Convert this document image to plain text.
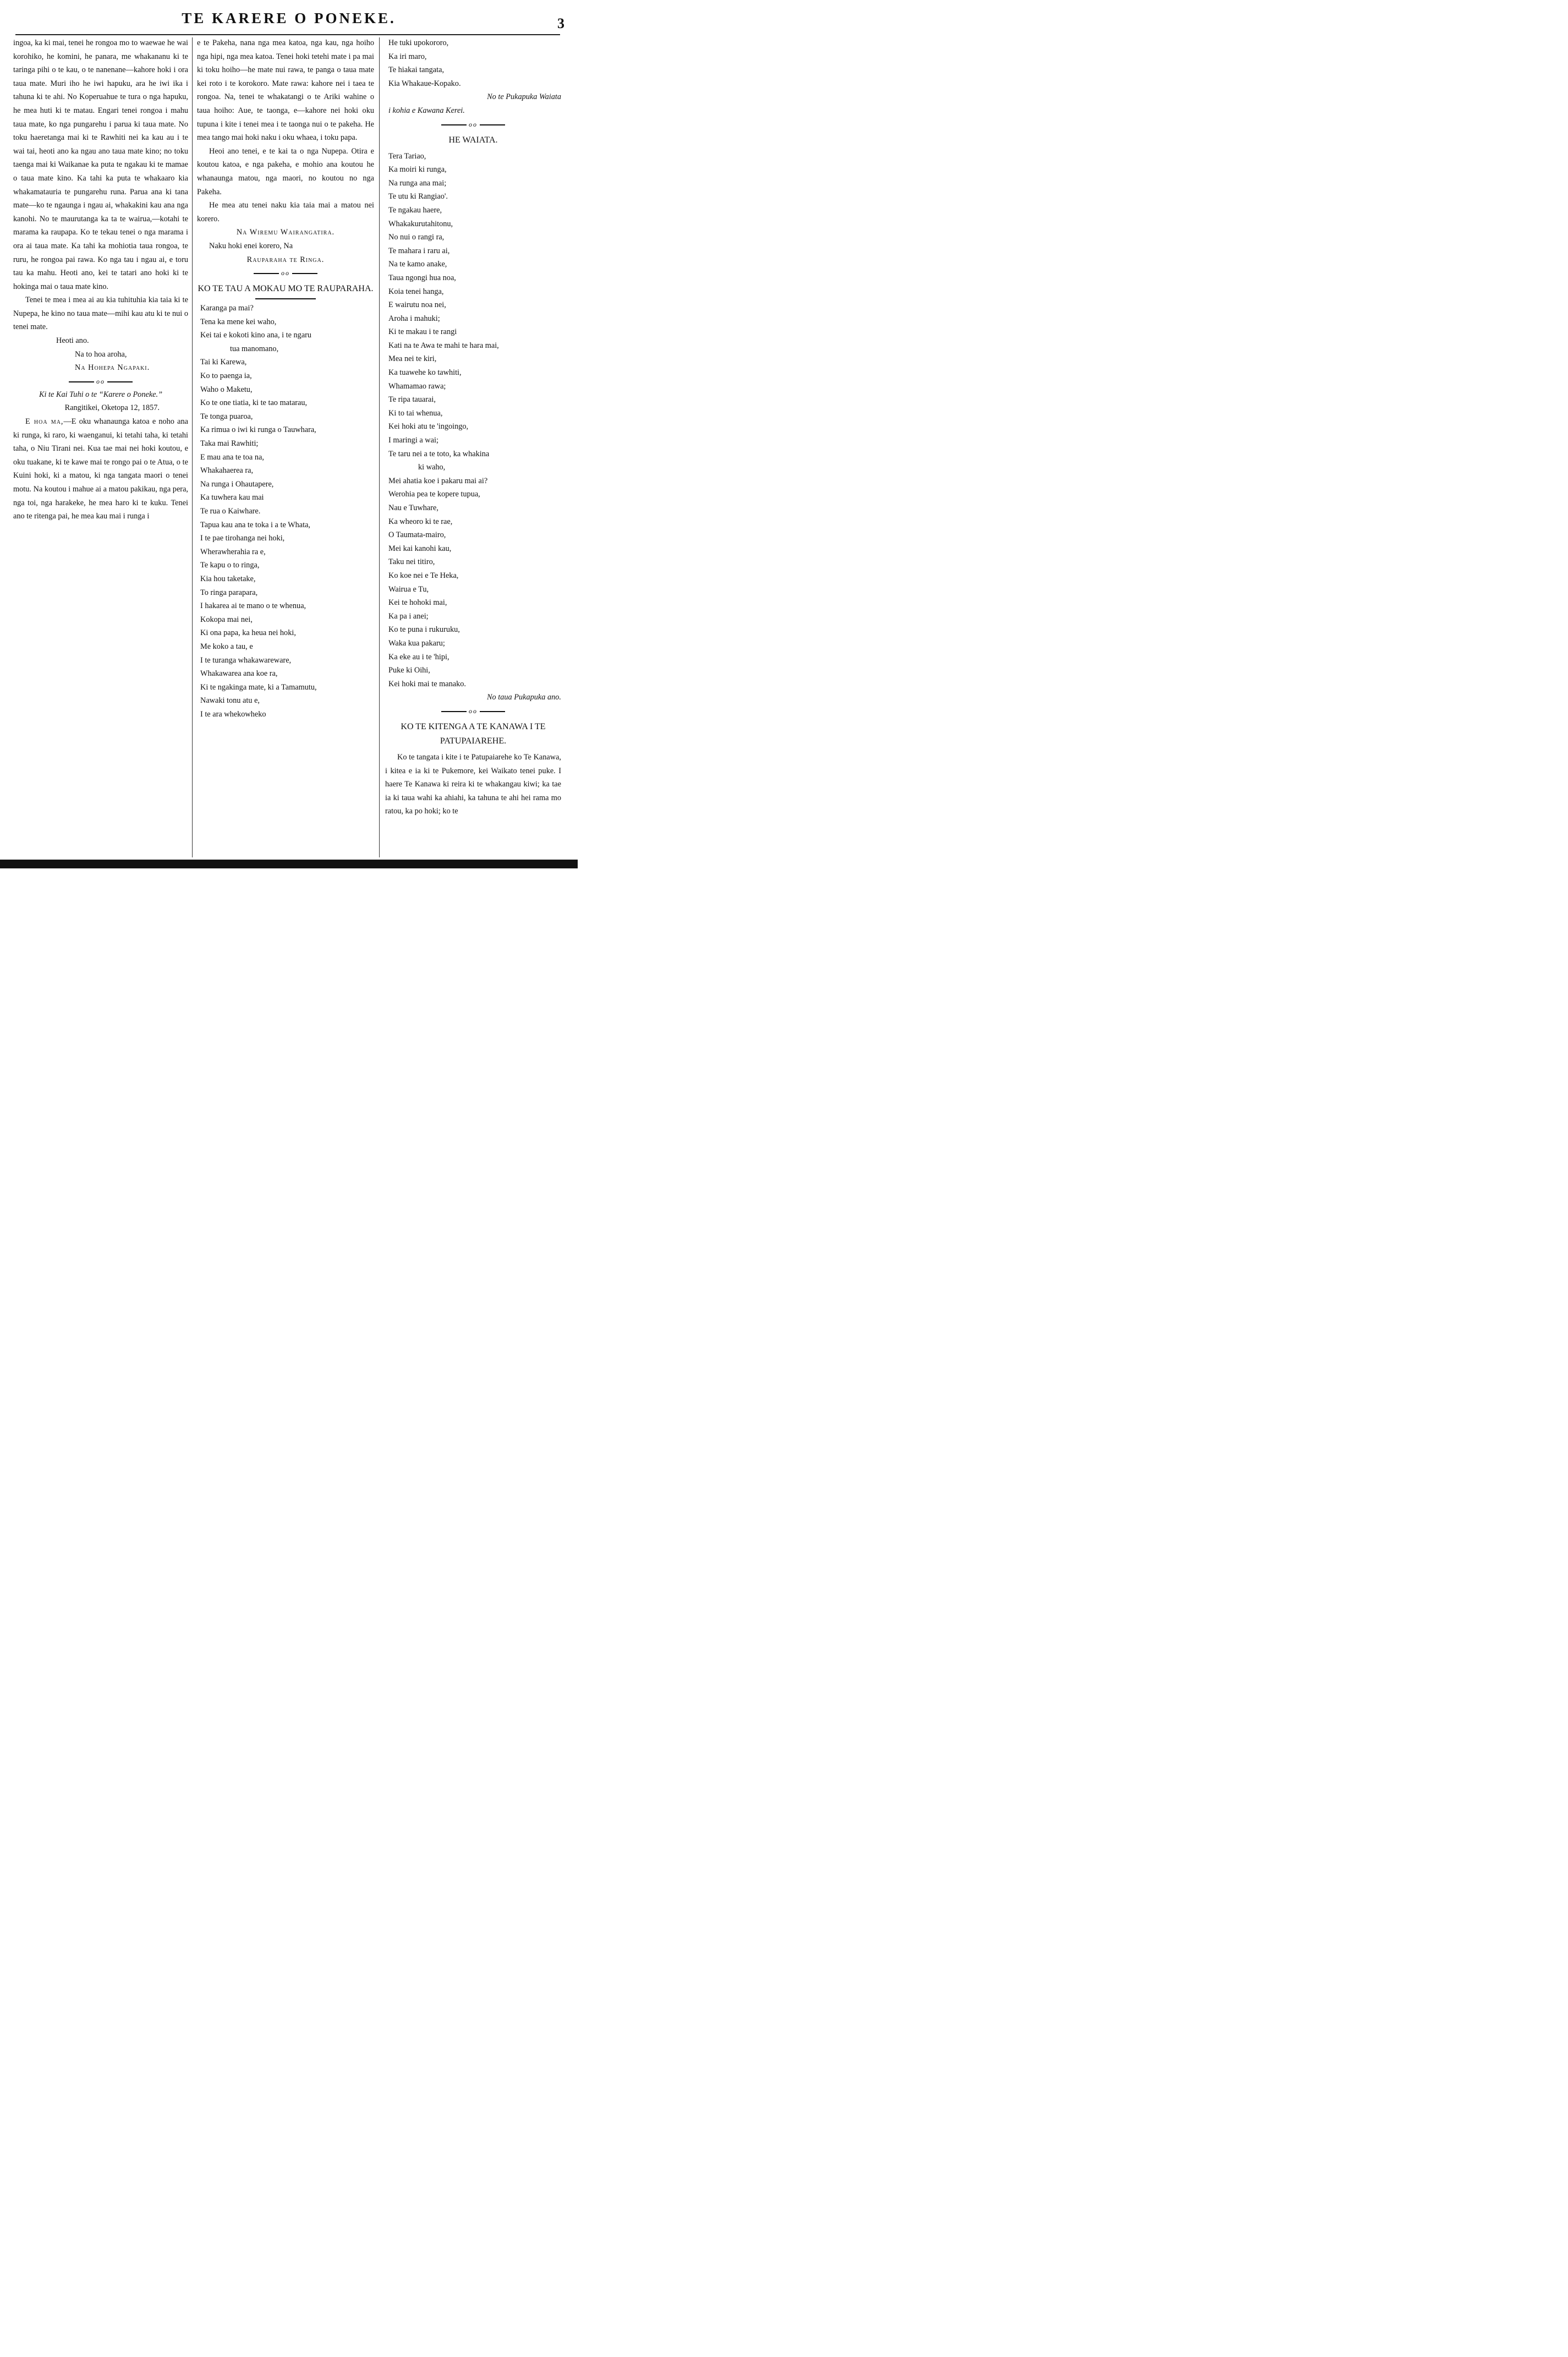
TE KARERE O PONEKE.	3

ingoa, ka ki mai, tenei he rongoa mo to waewae he wai korohiko, he komini, he panara, me whakananu ki te taringa pihi o te kau, o te nanenane—kahore hoki i ora taua mate. Muri iho he iwi hapuku, ara he iwi ika i tahuna ki te ahi. No Koperuahue te tura o nga hapuku, he mea huti ki te matau. Engari tenei rongoa i mahu taua mate, ko nga pungarehu i parua ki taua mate. No toku haeretanga mai ki te Rawhiti nei ka kau au i te wai tai, heoti ano ka ngau ano taua mate kino; no toku taenga mai ki Waikanae ka puta te ngakau ki te mamae o taua mate kino. Ka tahi ka puta te whakaaro kia whakamatauria te pungarehu runa. Parua ana ki tana mate—ko te ngaunga i ngau ai, whakakini kau ana nga kanohi. No te maurutanga ka ta te wairua,—kotahi te marama ka raupapa. Ko te tekau tenei o nga marama i ora ai taua mate. Ka tahi ka mohiotia taua rongoa, te ruru, he rongoa pai rawa. Ko nga tau i ngau ai, e toru tau ka mahu. Heoti ano, kei te tatari ano hoki ki te hokinga mai o taua mate kino.

Tenei te mea i mea ai au kia tuhituhia kia taia ki te Nupepa, he kino no taua mate—mihi kau atu ki te nui o tenei mate.

Heoti ano.

Na to hoa aroha,

Na Hohepa Ngapaki.

oo

Ki te Kai Tuhi o te “Karere o Poneke.”

Rangitikei, Oketopa 12, 1857.

E hoa ma,—E oku whanaunga katoa e noho ana ki runga, ki raro, ki waenganui, ki tetahi taha, ki tetahi taha, o Niu Tirani nei. Kua tae mai nei hoki koutou, e oku tuakane, ki te kawe mai te rongo pai o te Atua, o te Kuini hoki, ki a matou, ki nga tangata maori o tenei motu. Na koutou i mahue ai a matou pakikau, nga pera, nga toi, nga harakeke, he mea haro ki te kuku. Tenei ano te ritenga pai, he mea kau mai i runga i

e te Pakeha, nana nga mea katoa, nga kau, nga hoiho nga hipi, nga mea katoa. Tenei hoki tetehi mate i pa mai ki toku hoiho—he mate nui rawa, te panga o taua mate kei roto i te korokoro. Mate rawa: kahore nei i taea te rongoa. Na, tenei te whakatangi o te Ariki wahine o taua hoiho: Aue, te taonga, e—kahore nei hoki oku tupuna i kite i tenei mea i te taonga nui o te pakeha. He mea tango mai hoki naku i oku whaea, i toku papa.

Heoi ano tenei, e te kai ta o nga Nupepa. Otira e koutou katoa, e nga pakeha, e mohio ana koutou he whanaunga matou, nga maori, no koutou no nga Pakeha.

He mea atu tenei naku kia taia mai a matou nei korero.

Na Wiremu Wairangatira.

Naku hoki enei korero, Na

Rauparaha te Ringa.

oo

KO TE TAU A MOKAU MO TE RAUPARAHA.

Karanga pa mai?

Tena ka mene kei waho,

Kei tai e kokoti kino ana, i te ngaru

tua manomano,

Tai ki Karewa,

Ko to paenga ia,

Waho o Maketu,

Ko te one tiatia, ki te tao matarau,

Te tonga puaroa,

Ka rimua o iwi ki runga o Tauwhara,

Taka mai Rawhiti;

E mau ana te toa na,

Whakahaerea ra,

Na runga i Ohautapere,

Ka tuwhera kau mai

Te rua o Kaiwhare.

Tapua kau ana te toka i a te Whata,

I te pae tirohanga nei hoki,

Wherawherahia ra e,

Te kapu o to ringa,

Kia hou taketake,

To ringa parapara,

I hakarea ai te mano o te whenua,

Kokopa mai nei,

Ki ona papa, ka heua nei hoki,

Me koko a tau, e

I te turanga whakawareware,

Whakawarea ana koe ra,

Ki te ngakinga mate, ki a Tamamutu,

Nawaki tonu atu e,

I te ara whekowheko

He tuki upokororo,

Ka iri maro,

Te hiakai tangata,

Kia Whakaue-Kopako.

No te Pukapuka Waiata

i kohia e Kawana Kerei.

oo

HE WAIATA.

Tera Tariao,

Ka moiri ki runga,

Na runga ana mai;

Te utu ki Rangiao'.

Te ngakau haere,

Whakakurutahitonu,

No nui o rangi ra,

Te mahara i raru ai,

Na te kamo anake,

Taua ngongi hua noa,

Koia tenei hanga,

E wairutu noa nei,

Aroha i mahuki;

Ki te makau i te rangi

Kati na te Awa te mahi te hara mai,

Mea nei te kiri,

Ka tuawehe ko tawhiti,

Whamamao rawa;

Te ripa tauarai,

Ki to tai whenua,

Kei hoki atu te 'ingoingo,

I maringi a wai;

Te taru nei a te toto, ka whakina

ki waho,

Mei ahatia koe i pakaru mai ai?

Werohia pea te kopere tupua,

Nau e Tuwhare,

Ka wheoro ki te rae,

O Taumata-mairo,

Mei kai kanohi kau,

Taku nei titiro,

Ko koe nei e Te Heka,

Wairua e Tu,

Kei te hohoki mai,

Ka pa i anei;

Ko te puna i rukuruku,

Waka kua pakaru;

Ka eke au i te 'hipi,

Puke ki Oihi,

Kei hoki mai te manako.

No taua Pukapuka ano.

oo

KO TE KITENGA A TE KANAWA I TE PATUPAIAREHE.

Ko te tangata i kite i te Patupaiarehe ko Te Kanawa, i kitea e ia ki te Pukemore, kei Waikato tenei puke. I haere Te Kanawa ki reira ki te whakangau kiwi; ka tae ia ki taua wahi ka ahiahi, ka tahuna te ahi hei rama mo ratou, ka po hoki; ko te
